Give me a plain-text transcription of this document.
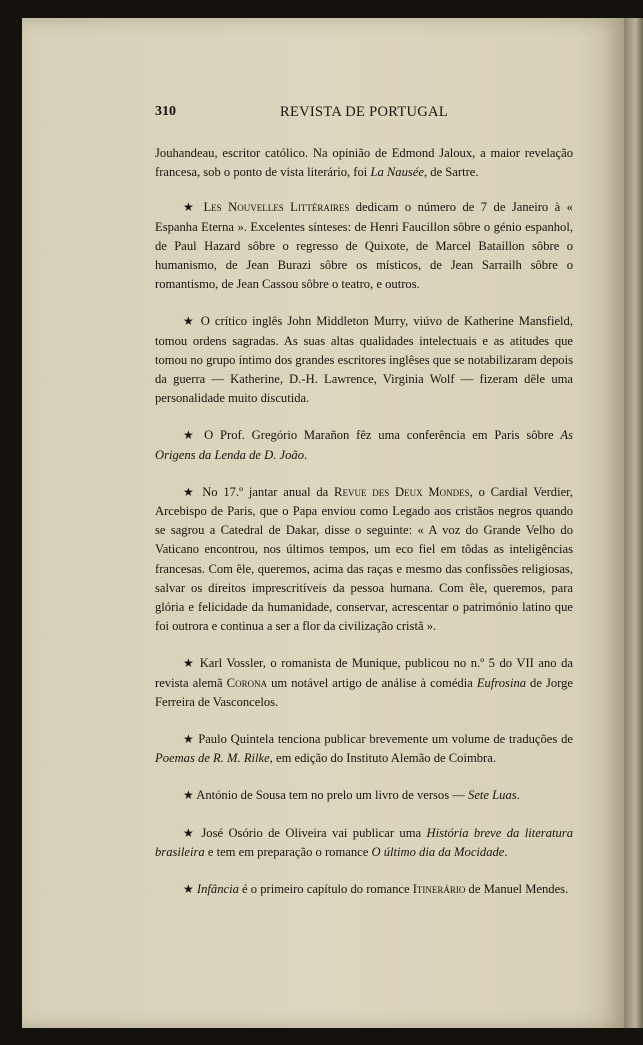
310	REVISTA DE PORTUGAL

Jouhandeau, escritor católico. Na opinião de Edmond Jaloux, a maior revelação francesa, sob o ponto de vista literário, foi La Nausée, de Sartre.

★ Les Nouvelles Littéraires dedicam o número de 7 de Janeiro à « Espanha Eterna ». Excelentes sínteses: de Henri Faucillon sôbre o génio espanhol, de Paul Hazard sôbre o regresso de Quixote, de Marcel Bataillon sôbre o humanismo, de Jean Burazi sôbre os místicos, de Jean Sarrailh sôbre o romantismo, de Jean Cassou sôbre o teatro, e outros.

★ O crítico inglês John Middleton Murry, viúvo de Katherine Mansfield, tomou ordens sagradas. As suas altas qualidades intelectuais e as atitudes que tomou no grupo íntimo dos grandes escritores inglêses que se notabilizaram depois da guerra — Katherine, D.-H. Lawrence, Virginia Wolf — fizeram dêle uma personalidade muito discutida.

★ O Prof. Gregório Marañon fêz uma conferência em Paris sôbre As Origens da Lenda de D. João.

★ No 17.º jantar anual da Revue des Deux Mondes, o Cardial Verdier, Arcebispo de Paris, que o Papa enviou como Legado aos cristãos negros quando se sagrou a Catedral de Dakar, disse o seguinte: « A voz do Grande Velho do Vaticano encontrou, nos últimos tempos, um eco fiel em tôdas as inteligências francesas. Com êle, queremos, acima das raças e mesmo das confissões religiosas, salvar os direitos imprescritíveis da pessoa humana. Com êle, queremos, para glória e felicidade da humanidade, conservar, acrescentar o património latino que foi outrora e continua a ser a flor da civilização cristã ».

★ Karl Vossler, o romanista de Munique, publicou no n.º 5 do VII ano da revista alemã Corona um notável artigo de análise à comédia Eufrosina de Jorge Ferreira de Vasconcelos.

★ Paulo Quintela tenciona publicar brevemente um volume de traduções de Poemas de R. M. Rilke, em edição do Instituto Alemão de Coimbra.

★ António de Sousa tem no prelo um livro de versos — Sete Luas.

★ José Osório de Oliveira vai publicar uma História breve da literatura brasileira e tem em preparação o romance O último dia da Mocidade.

★ Infância é o primeiro capítulo do romance Itinerário de Manuel Mendes.
